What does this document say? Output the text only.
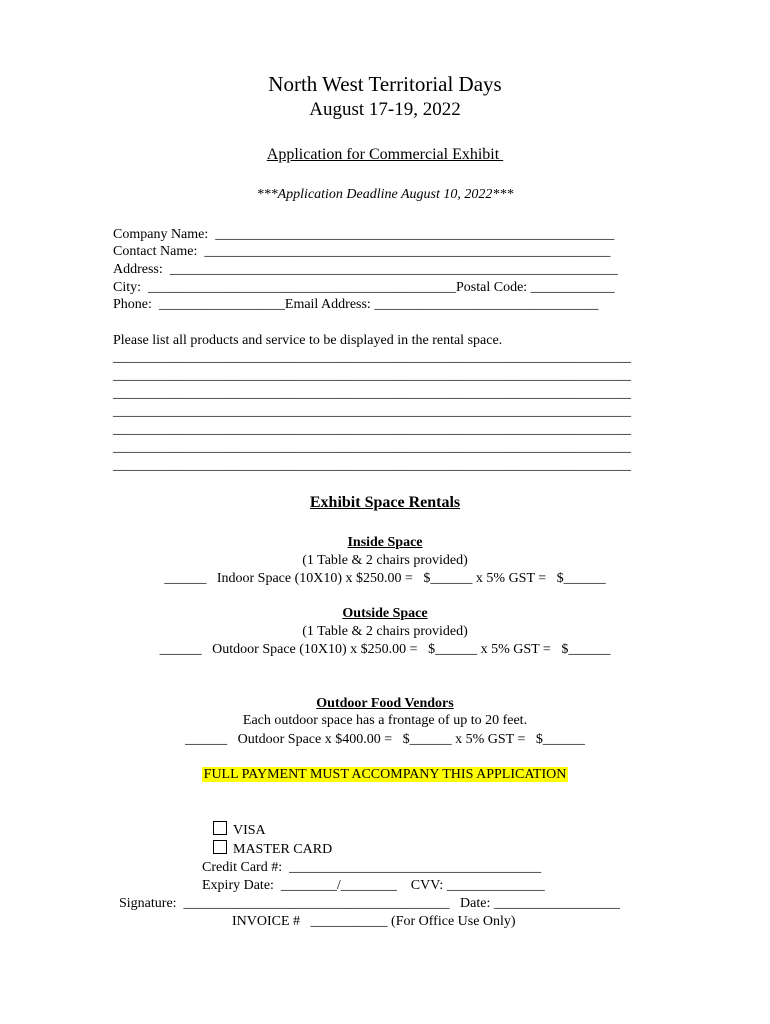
North West Territorial Days
August 17-19, 2022
Application for Commercial Exhibit
***Application Deadline August 10, 2022***
Company Name:  _________________________________________________________
Contact Name:  __________________________________________________________
Address:  ________________________________________________________________
City:  ____________________________________________Postal Code: ____________
Phone:  __________________Email Address: ________________________________
Please list all products and service to be displayed in the rental space.
__________________________________________________________________________
__________________________________________________________________________
__________________________________________________________________________
__________________________________________________________________________
__________________________________________________________________________
__________________________________________________________________________
__________________________________________________________________________
Exhibit Space Rentals
Inside Space
(1 Table & 2 chairs provided)
______   Indoor Space (10X10) x $250.00 =   $______ x 5% GST =   $______
Outside Space
(1 Table & 2 chairs provided)
______   Outdoor Space (10X10) x $250.00 =   $______ x 5% GST =   $______
Outdoor Food Vendors
Each outdoor space has a frontage of up to 20 feet.
______   Outdoor Space x $400.00 =   $______ x 5% GST =   $______
FULL PAYMENT MUST ACCOMPANY THIS APPLICATION

VISA

MASTER CARD

Credit Card #:  ____________________________________
Expiry Date:  ________/________    CVV: ______________
Signature:  ______________________________________   Date: __________________
INVOICE #   ___________ (For Office Use Only)
